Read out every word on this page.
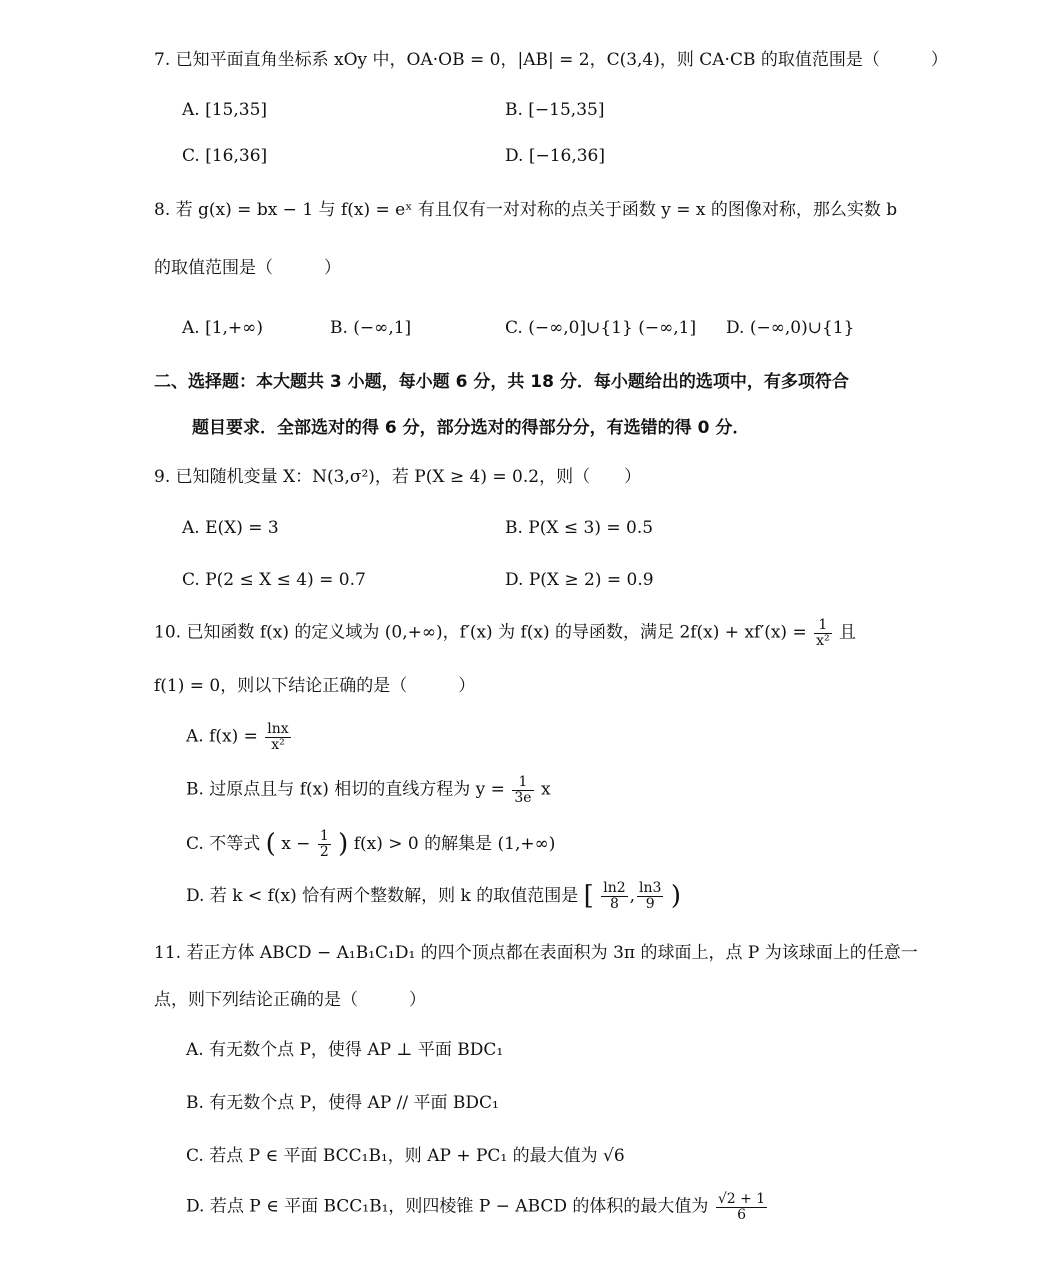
7. 已知平面直角坐标系 xOy 中，OA·OB = 0，|AB| = 2，C(3,4)，则 CA·CB 的取值范围是（　　　）
A. [15,35]	B. [−15,35]
C. [16,36]	D. [−16,36]
8. 若 g(x) = bx − 1 与 f(x) = eˣ 有且仅有一对对称的点关于函数 y = x 的图像对称，那么实数 b
的取值范围是（　　　）
A. [1,+∞)	B. (−∞,1]	C. (−∞,0]∪{1} (−∞,1] D. (−∞,0)∪{1}
二、选择题：本大题共 3 小题，每小题 6 分，共 18 分．每小题给出的选项中，有多项符合
题目要求．全部选对的得 6 分，部分选对的得部分分，有选错的得 0 分．
9. 已知随机变量 X：N(3,σ²)，若 P(X ≥ 4) = 0.2，则（　　）
A. E(X) = 3	B. P(X ≤ 3) = 0.5
C. P(2 ≤ X ≤ 4) = 0.7	D. P(X ≥ 2) = 0.9
10. 已知函数 f(x) 的定义域为 (0,+∞)，f′(x) 为 f(x) 的导函数，满足 $2f(x) + xf'(x) = \frac{1}{\text{x²}}$ 且
f(1) = 0，则以下结论正确的是（　　　）
A. $f(x) = \frac{\ln x}{\text{x²}}$
B. 过原点且与 f(x) 相切的直线方程为 $y = \frac{1}{3e}$ x
C. 不等式 ( $x - \frac{1}{2}$ ) f(x) > 0 的解集是 (1,+∞)
D. 若 k < f(x) 恰有两个整数解，则 k 的取值范围是 [ $\frac{\ln 2}{8}$ , $\frac{\ln 3}{9}$ )
11. 若正方体 ABCD − A₁B₁C₁D₁ 的四个顶点都在表面积为 3π 的球面上，点 P 为该球面上的任意一
点，则下列结论正确的是（　　　）
A. 有无数个点 P，使得 AP ⊥ 平面 BDC₁
B. 有无数个点 P，使得 AP // 平面 BDC₁
C. 若点 P ∈ 平面 BCC₁B₁，则 AP + PC₁ 的最大值为 √6
D. 若点 P ∈ 平面 BCC₁B₁，则四棱锥 P − ABCD 的体积的最大值为 $\frac{√2 + 1}{6}$
